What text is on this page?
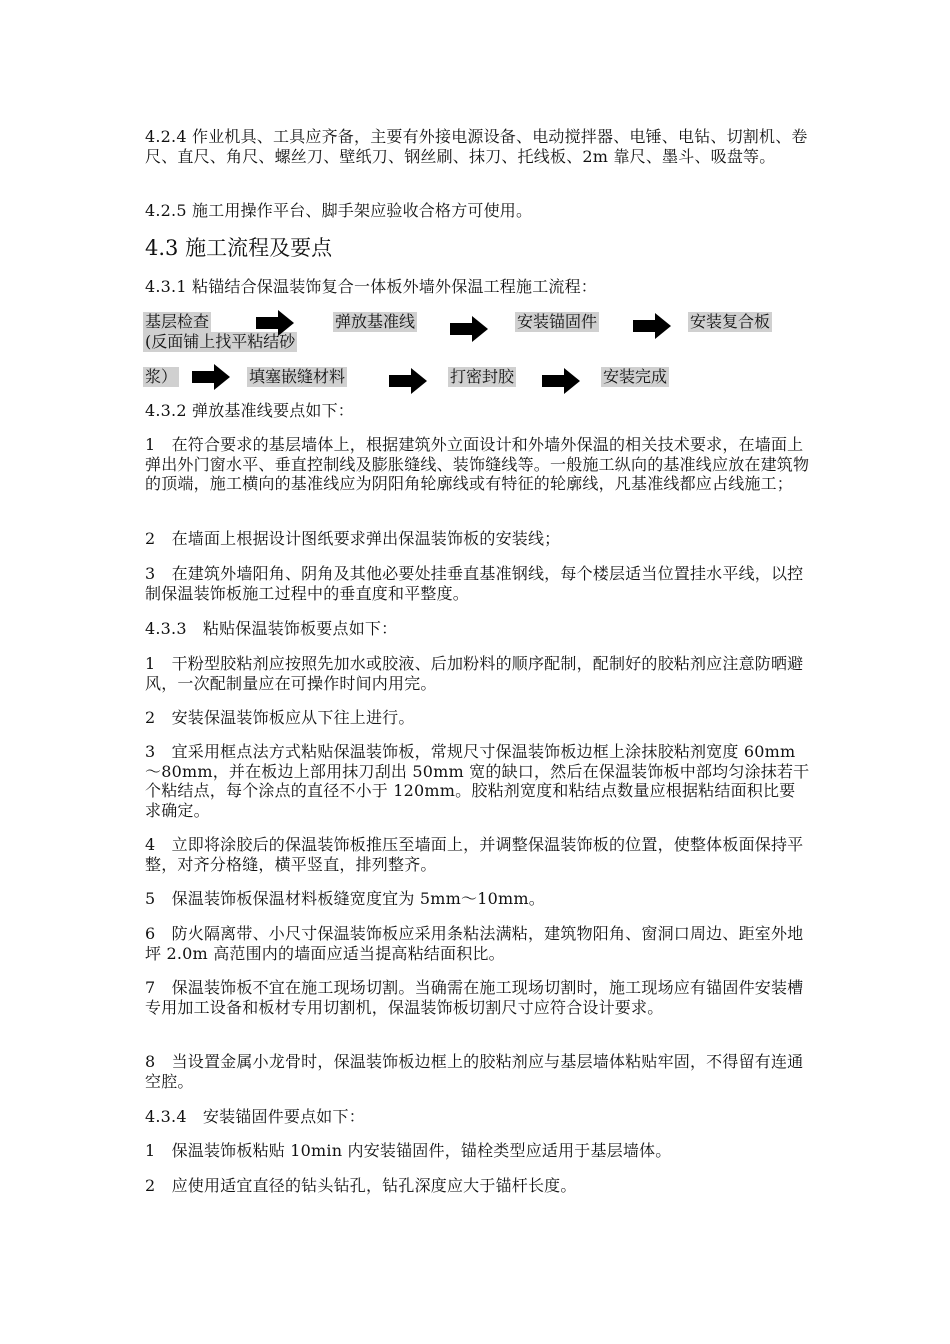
4.2.4 作业机具、工具应齐备，主要有外接电源设备、电动搅拌器、电锤、电钻、切割机、卷尺、直尺、角尺、螺丝刀、壁纸刀、钢丝刷、抹刀、托线板、2m 靠尺、墨斗、吸盘等。

4.2.5 施工用操作平台、脚手架应验收合格方可使用。

4.3 施工流程及要点

4.3.1 粘锚结合保温装饰复合一体板外墙外保温工程施工流程：

基层检查
(反面铺上找平粘结砂
弹放基准线	安装锚固件	安装复合板
浆）	填塞嵌缝材料	打密封胶	安装完成

4.3.2 弹放基准线要点如下：

1　在符合要求的基层墙体上，根据建筑外立面设计和外墙外保温的相关技术要求，在墙面上弹出外门窗水平、垂直控制线及膨胀缝线、装饰缝线等。一般施工纵向的基准线应放在建筑物的顶端，施工横向的基准线应为阴阳角轮廓线或有特征的轮廓线，凡基准线都应占线施工；

2　在墙面上根据设计图纸要求弹出保温装饰板的安装线；

3　在建筑外墙阳角、阴角及其他必要处挂垂直基准钢线，每个楼层适当位置挂水平线，以控制保温装饰板施工过程中的垂直度和平整度。

4.3.3　粘贴保温装饰板要点如下：

1　干粉型胶粘剂应按照先加水或胶液、后加粉料的顺序配制，配制好的胶粘剂应注意防晒避风，一次配制量应在可操作时间内用完。

2　安装保温装饰板应从下往上进行。

3　宜采用框点法方式粘贴保温装饰板，常规尺寸保温装饰板边框上涂抹胶粘剂宽度 60mm～80mm，并在板边上部用抹刀刮出 50mm 宽的缺口，然后在保温装饰板中部均匀涂抹若干个粘结点，每个涂点的直径不小于 120mm。胶粘剂宽度和粘结点数量应根据粘结面积比要求确定。

4　立即将涂胶后的保温装饰板推压至墙面上，并调整保温装饰板的位置，使整体板面保持平整，对齐分格缝，横平竖直，排列整齐。

5　保温装饰板保温材料板缝宽度宜为 5mm～10mm。

6　防火隔离带、小尺寸保温装饰板应采用条粘法满粘，建筑物阳角、窗洞口周边、距室外地坪 2.0m 高范围内的墙面应适当提高粘结面积比。

7　保温装饰板不宜在施工现场切割。当确需在施工现场切割时，施工现场应有锚固件安装槽专用加工设备和板材专用切割机，保温装饰板切割尺寸应符合设计要求。

8　当设置金属小龙骨时，保温装饰板边框上的胶粘剂应与基层墙体粘贴牢固，不得留有连通空腔。

4.3.4　安装锚固件要点如下：

1　保温装饰板粘贴 10min 内安装锚固件，锚栓类型应适用于基层墙体。

2　应使用适宜直径的钻头钻孔，钻孔深度应大于锚杆长度。
